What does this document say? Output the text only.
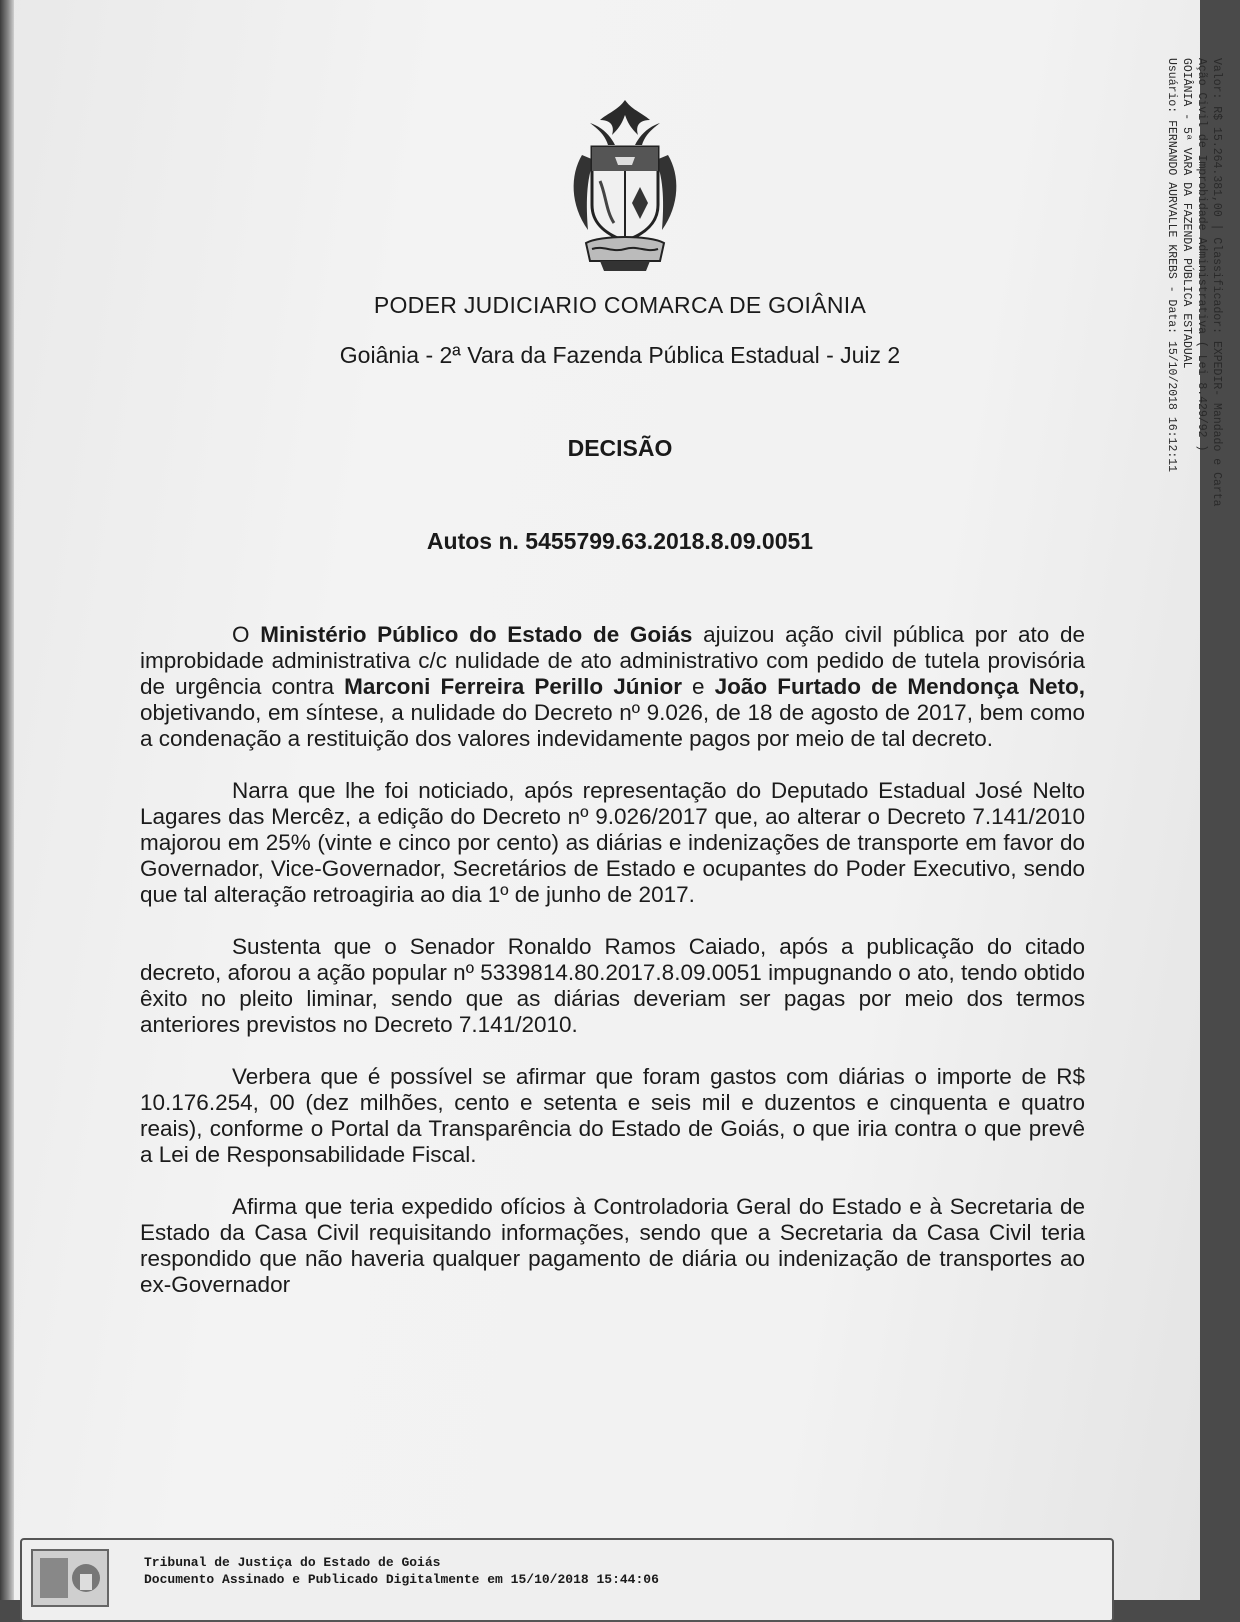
PODER JUDICIARIO COMARCA DE GOIÂNIA
Goiânia - 2ª Vara da Fazenda Pública Estadual - Juiz 2
DECISÃO
Autos n. 5455799.63.2018.8.09.0051

O Ministério Público do Estado de Goiás ajuizou ação civil pública por ato de improbidade administrativa c/c nulidade de ato administrativo com pedido de tutela provisória de urgência contra Marconi Ferreira Perillo Júnior e João Furtado de Mendonça Neto, objetivando, em síntese, a nulidade do Decreto nº 9.026, de 18 de agosto de 2017, bem como a condenação a restituição dos valores indevidamente pagos por meio de tal decreto.

Narra que lhe foi noticiado, após representação do Deputado Estadual José Nelto Lagares das Mercêz, a edição do Decreto nº 9.026/2017 que, ao alterar o Decreto 7.141/2010 majorou em 25% (vinte e cinco por cento) as diárias e indenizações de transporte em favor do Governador, Vice-Governador, Secretários de Estado e ocupantes do Poder Executivo, sendo que tal alteração retroagiria ao dia 1º de junho de 2017.

Sustenta que o Senador Ronaldo Ramos Caiado, após a publicação do citado decreto, aforou a ação popular nº 5339814.80.2017.8.09.0051 impugnando o ato, tendo obtido êxito no pleito liminar, sendo que as diárias deveriam ser pagas por meio dos termos anteriores previstos no Decreto 7.141/2010.

Verbera que é possível se afirmar que foram gastos com diárias o importe de R$ 10.176.254, 00 (dez milhões, cento e setenta e seis mil e duzentos e cinquenta e quatro reais), conforme o Portal da Transparência do Estado de Goiás, o que iria contra o que prevê a Lei de Responsabilidade Fiscal.

Afirma que teria expedido ofícios à Controladoria Geral do Estado e à Secretaria de Estado da Casa Civil requisitando informações, sendo que a Secretaria da Casa Civil teria respondido que não haveria qualquer pagamento de diária ou indenização de transportes ao ex-Governador

Valor: R$ 15.264.381,00 | Classificador: EXPEDIR- Mandado e Carta
Ação Civil de Improbidade Administrativa ( Lei 8.429/92 )
GOIÂNIA - 5ª VARA DA FAZENDA PÚBLICA ESTADUAL
Usuário: FERNANDO AURVALLE KREBS - Data: 15/10/2018 16:12:11
Tribunal de Justiça do Estado de Goiás
Documento Assinado e Publicado Digitalmente em 15/10/2018 15:44:06
